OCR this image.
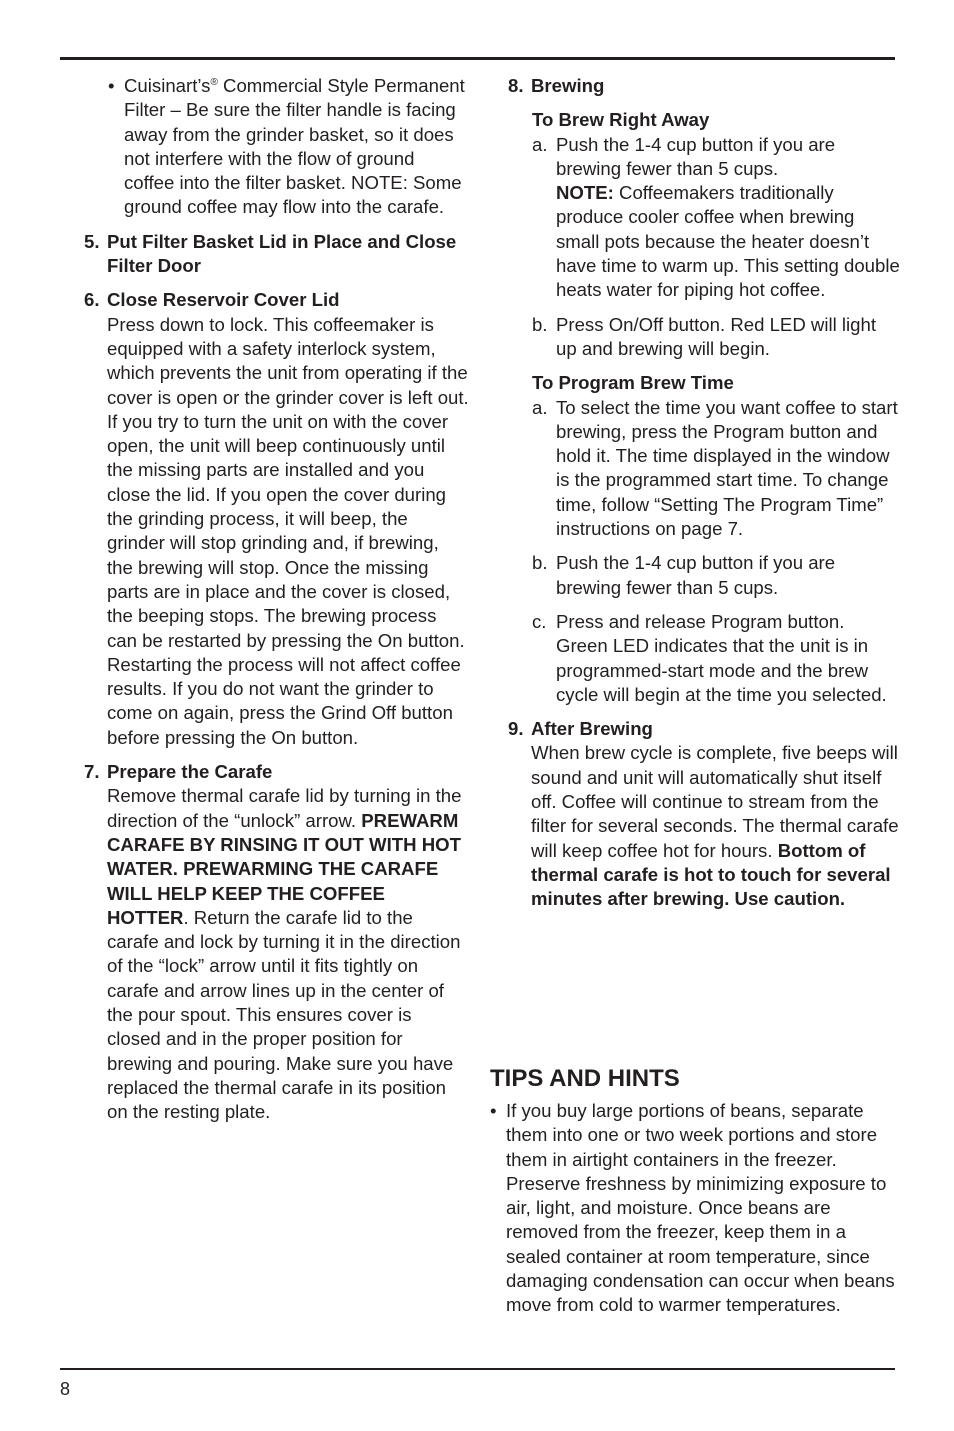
• Cuisinart’s® Commercial Style Permanent Filter – Be sure the filter handle is facing away from the grinder basket, so it does not interfere with the flow of ground coffee into the filter basket. NOTE: Some ground coffee may flow into the carafe.

5. Put Filter Basket Lid in Place and Close Filter Door

6. Close Reservoir Cover Lid

Press down to lock. This coffeemaker is equipped with a safety interlock system, which prevents the unit from operating if the cover is open or the grinder cover is left out. If you try to turn the unit on with the cover open, the unit will beep continuously until the missing parts are installed and you close the lid. If you open the cover during the grinding process, it will beep, the grinder will stop grinding and, if brewing, the brewing will stop. Once the missing parts are in place and the cover is closed, the beeping stops. The brewing process can be restarted by pressing the On button. Restarting the process will not affect coffee results. If you do not want the grinder to come on again, press the Grind Off button before pressing the On button.

7. Prepare the Carafe

Remove thermal carafe lid by turning in the direction of the “unlock” arrow. PREWARM CARAFE BY RINSING IT OUT WITH HOT WATER. PREWARMING THE CARAFE WILL HELP KEEP THE COFFEE HOTTER. Return the carafe lid to the carafe and lock by turning it in the direction of the “lock” arrow until it fits tightly on carafe and arrow lines up in the center of the pour spout. This ensures cover is closed and in the proper position for brewing and pouring. Make sure you have replaced the thermal carafe in its position on the resting plate.

8. Brewing

To Brew Right Away

a. Push the 1-4 cup button if you are brewing fewer than 5 cups.
NOTE: Coffeemakers traditionally produce cooler coffee when brewing small pots because the heater doesn’t have time to warm up. This setting double heats water for piping hot coffee.

b. Press On/Off button. Red LED will light up and brewing will begin.

To Program Brew Time

a. To select the time you want coffee to start brewing, press the Program button and hold it. The time displayed in the window is the programmed start time. To change time, follow “Setting The Program Time” instructions on page 7.

b. Push the 1-4 cup button if you are brewing fewer than 5 cups.

c. Press and release Program button. Green LED indicates that the unit is in programmed-start mode and the brew cycle will begin at the time you selected.

9. After Brewing

When brew cycle is complete, five beeps will sound and unit will automatically shut itself off. Coffee will continue to stream from the filter for several seconds. The thermal carafe will keep coffee hot for hours. Bottom of thermal carafe is hot to touch for several minutes after brewing. Use caution.

TIPS AND HINTS
• If you buy large portions of beans, separate them into one or two week portions and store them in airtight containers in the freezer. Preserve freshness by minimizing exposure to air, light, and moisture. Once beans are removed from the freezer, keep them in a sealed container at room temperature, since damaging condensation can occur when beans move from cold to warmer temperatures.

8
